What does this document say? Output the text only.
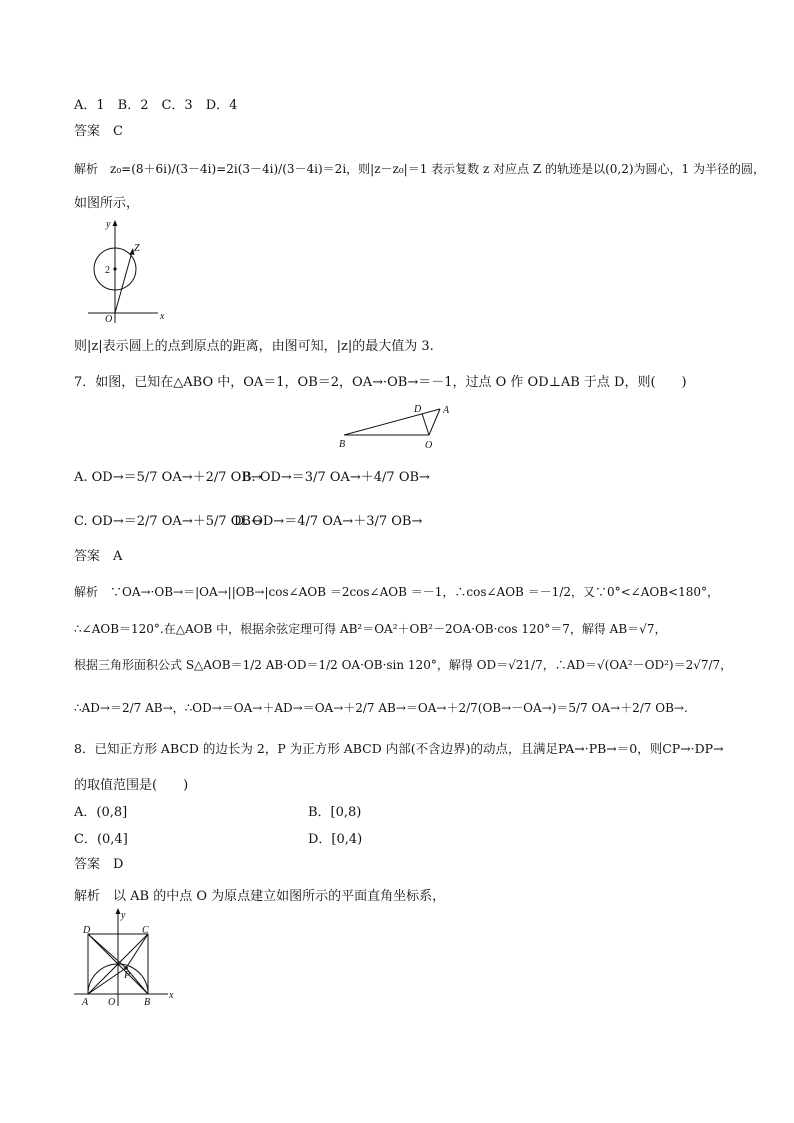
A．1　B．2　C．3　D．4
答案　C
解析　z₀=(8＋6i)/(3－4i)=2i(3－4i)/(3－4i)＝2i，则|z－z₀|＝1 表示复数 z 对应点 Z 的轨迹是以(0,2)为圆心，1 为半径的圆，
如图所示，
y
x
O
2
Z
则|z|表示圆上的点到原点的距离，由图可知，|z|的最大值为 3.
7．如图，已知在△ABO 中，OA＝1，OB＝2，OA→·OB→＝－1，过点 O 作 OD⊥AB 于点 D，则(　　)
D A
B	O
A. OD→＝5/7 OA→＋2/7 OB→
B. OD→＝3/7 OA→＋4/7 OB→
C. OD→＝2/7 OA→＋5/7 OB→
D. OD→＝4/7 OA→＋3/7 OB→
答案　A
解析　∵OA→·OB→＝|OA→||OB→|cos∠AOB ＝2cos∠AOB ＝－1，∴cos∠AOB ＝－1/2，又∵0°<∠AOB<180°，
∴∠AOB＝120°.在△AOB 中，根据余弦定理可得 AB²＝OA²＋OB²－2OA·OB·cos 120°＝7，解得 AB＝√7，
根据三角形面积公式 S△AOB＝1/2 AB·OD＝1/2 OA·OB·sin 120°，解得 OD＝√21/7，∴AD＝√(OA²－OD²)＝2√7/7，
∴AD→＝2/7 AB→，∴OD→＝OA→＋AD→＝OA→＋2/7 AB→＝OA→＋2/7(OB→－OA→)＝5/7 OA→＋2/7 OB→.
8．已知正方形 ABCD 的边长为 2，P 为正方形 ABCD 内部(不含边界)的动点，且满足PA→·PB→＝0，则CP→·DP→
的取值范围是(　　)
A．(0,8]	B．[0,8)
C．(0,4]	D．[0,4)
答案　D
解析　以 AB 的中点 O 为原点建立如图所示的平面直角坐标系，
D	C
y
P
A O	B
x
